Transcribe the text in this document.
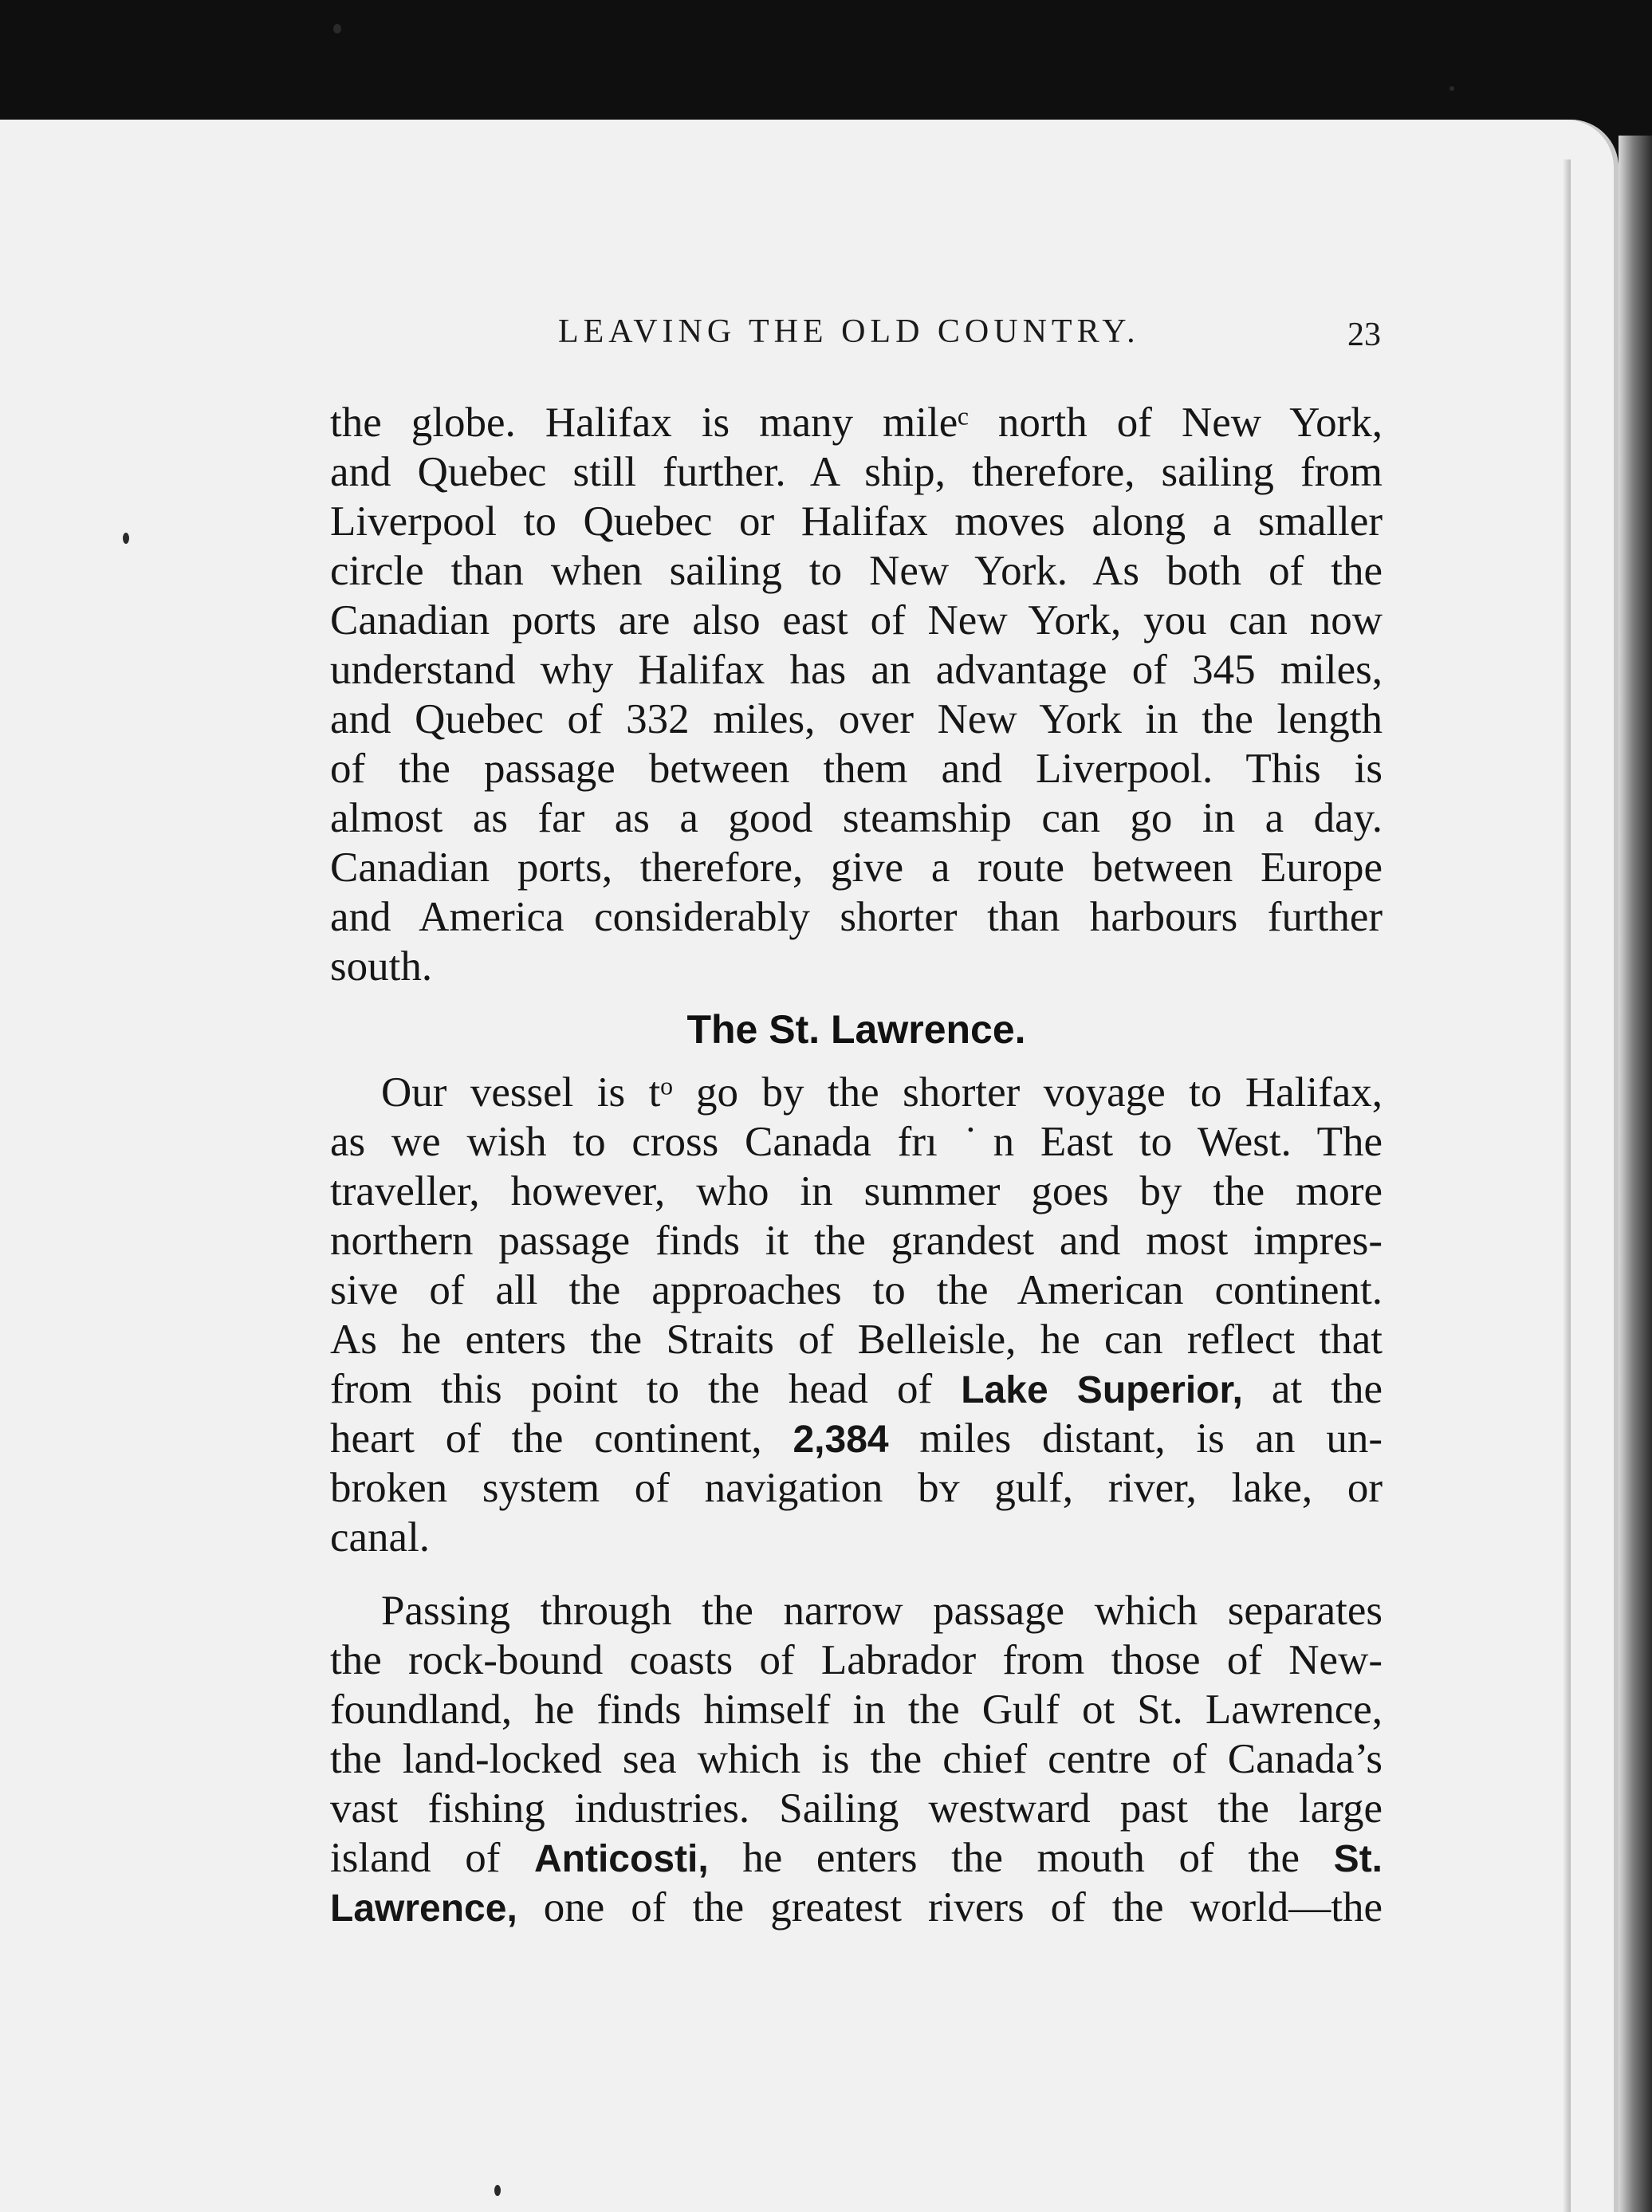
LEAVING THE OLD COUNTRY.	23
the globe. Halifax is many mileᶜ north of New York,
and Quebec still further. A ship, therefore, sailing from
Liverpool to Quebec or Halifax moves along a smaller
circle than when sailing to New York. As both of the
Canadian ports are also east of New York, you can now
understand why Halifax has an advantage of 345 miles,
and Quebec of 332 miles, over New York in the length
of the passage between them and Liverpool. This is
almost as far as a good steamship can go in a day.
Canadian ports, therefore, give a route between Europe
and America considerably shorter than harbours further
south.
The St. Lawrence.
Our vessel is tᵒ go by the shorter voyage to Halifax,
as we wish to cross Canada frı ˙n East to West. The
traveller, however, who in summer goes by the more
northern passage finds it the grandest and most impres-
sive of all the approaches to the American continent.
As he enters the Straits of Belleisle, he can reflect that
from this point to the head of Lake Superior, at the
heart of the continent, 2,384 miles distant, is an un-
broken system of navigation bʏ gulf, river, lake, or
canal.
Passing through the narrow passage which separates
the rock-bound coasts of Labrador from those of New-
foundland, he finds himself in the Gulf ot St. Lawrence,
the land-locked sea which is the chief centre of Canada’s
vast fishing industries. Sailing westward past the large
island of Anticosti, he enters the mouth of the St.
Lawrence, one of the greatest rivers of the world—the
